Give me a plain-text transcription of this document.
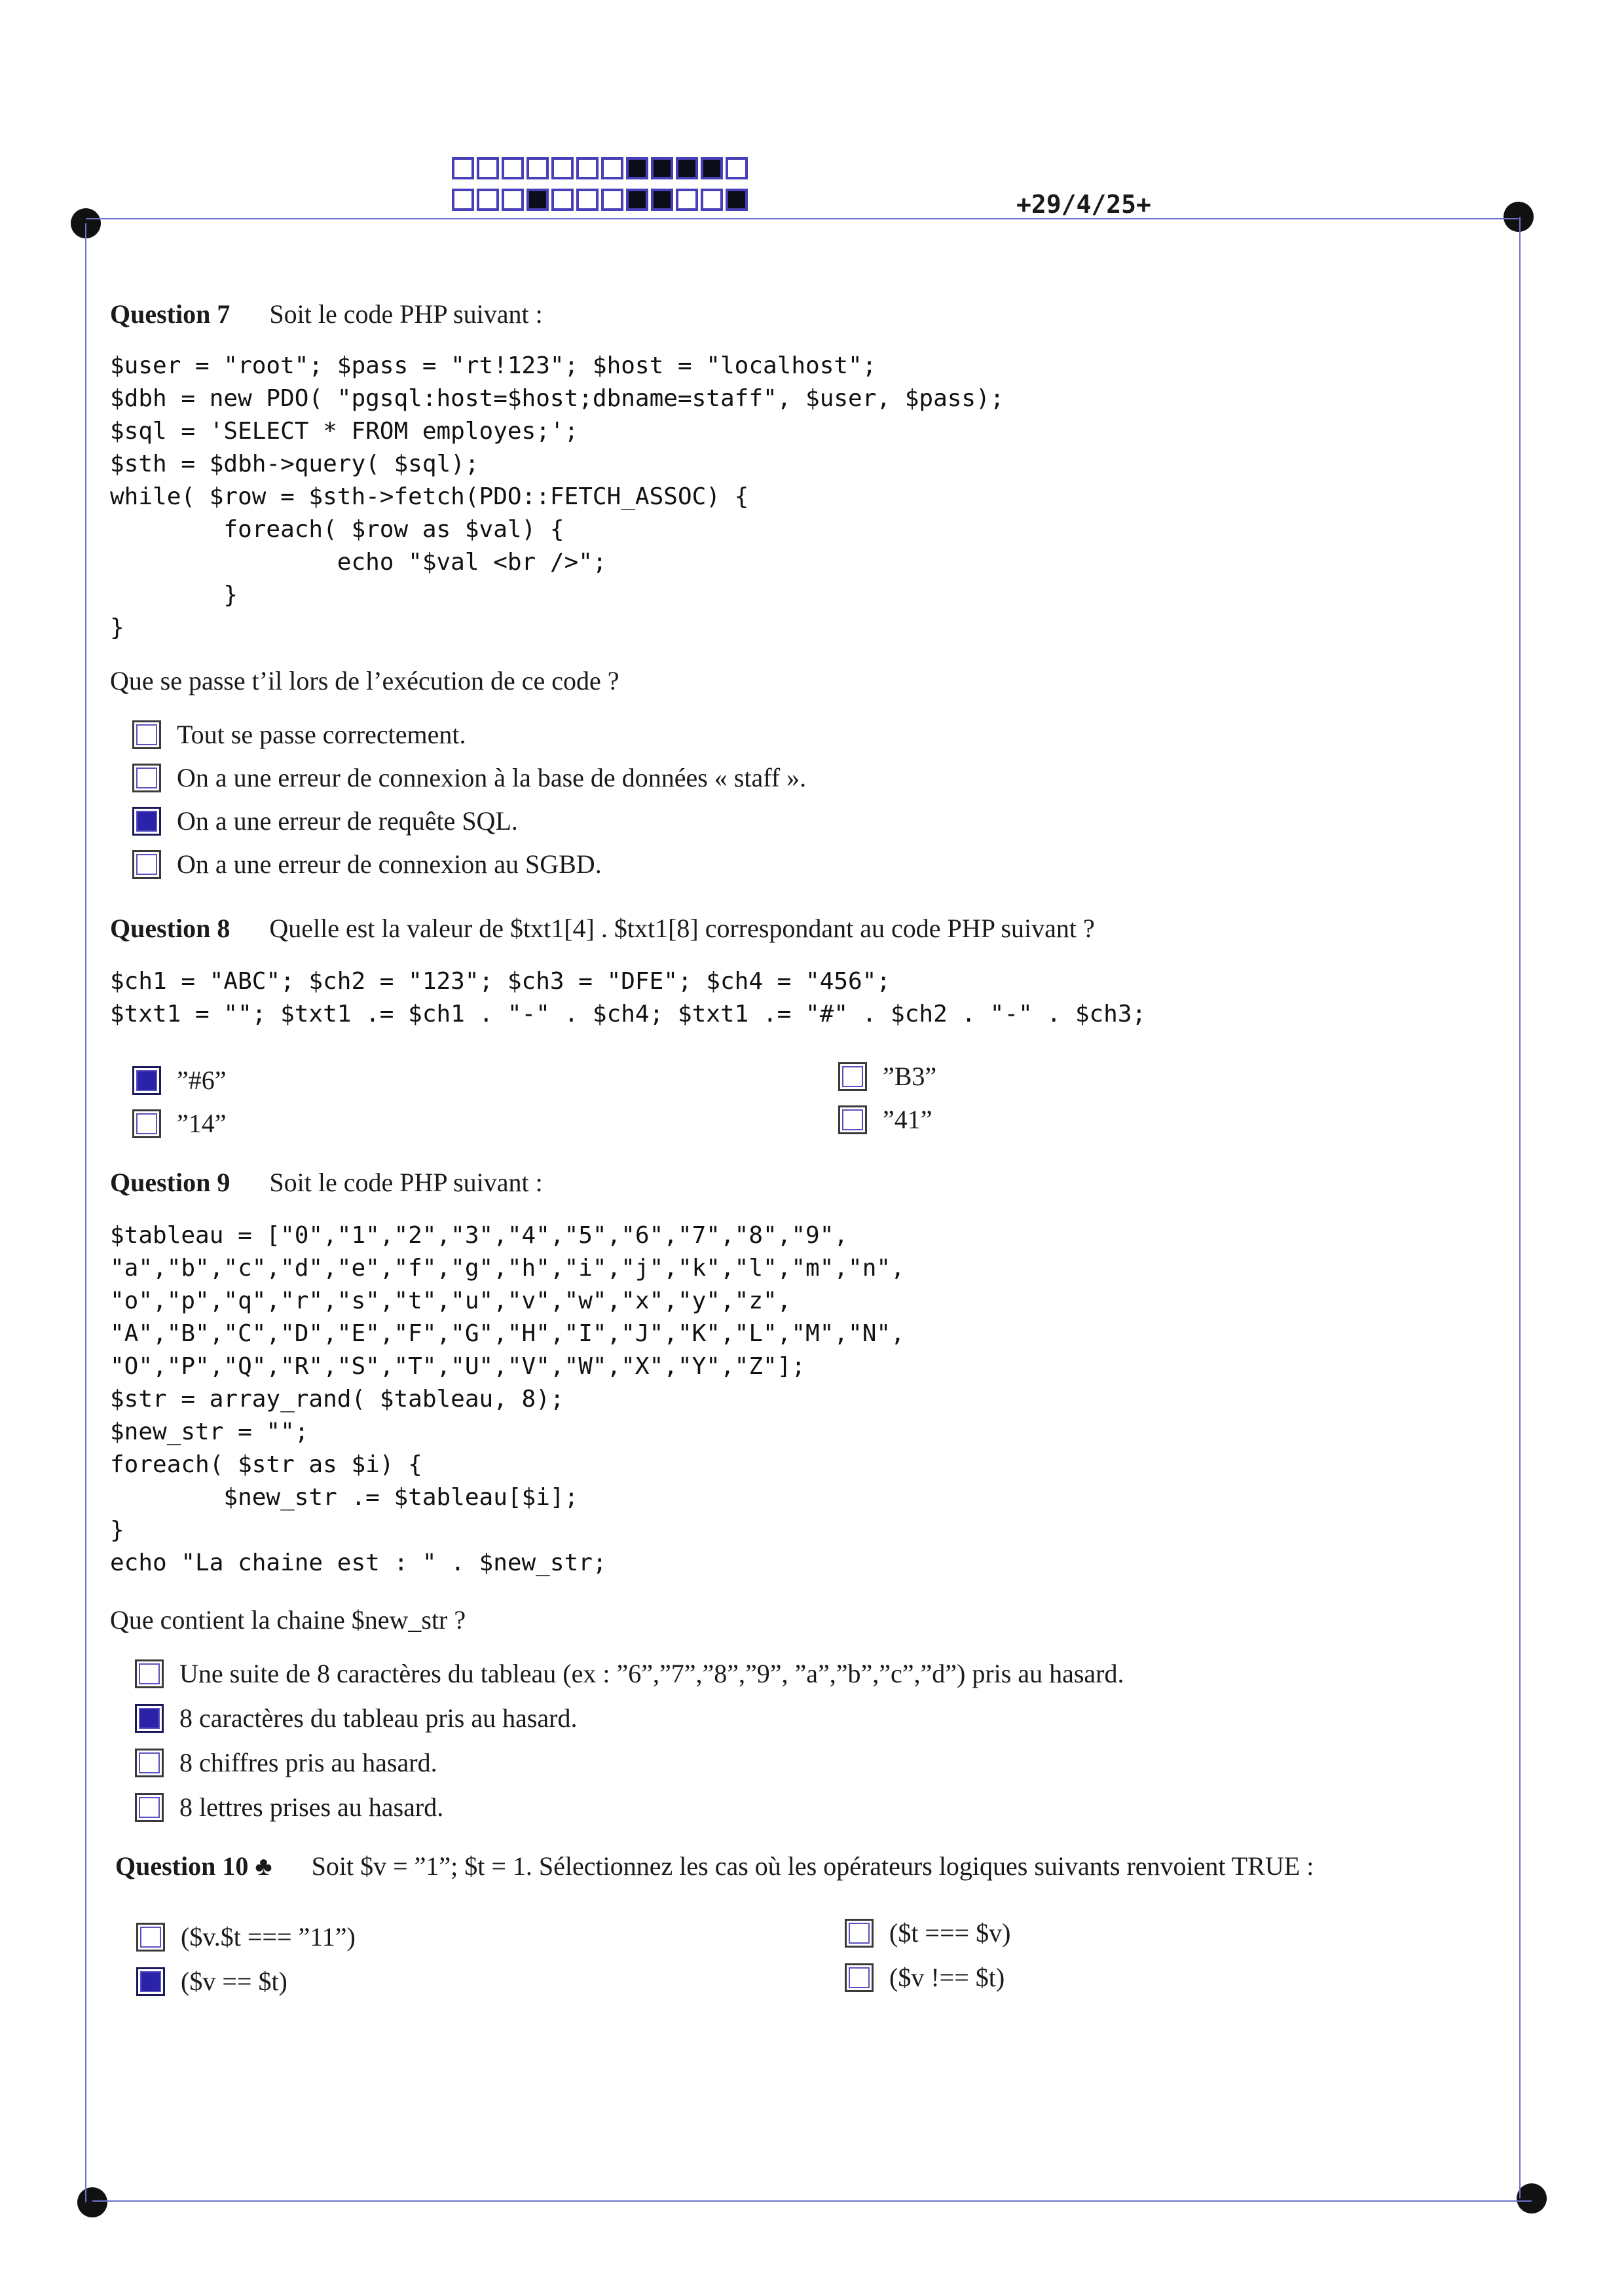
+29/4/25+
Question 7 Soit le code PHP suivant :
$user = "root"; $pass = "rt!123"; $host = "localhost";
$dbh = new PDO( "pgsql:host=$host;dbname=staff", $user, $pass);
$sql = 'SELECT * FROM employes;';
$sth = $dbh->query( $sql);
while( $row = $sth->fetch(PDO::FETCH_ASSOC) {
foreach( $row as $val) {
echo "$val <br />";
}
}
Que se passe t’il lors de l’exécution de ce code ?
Tout se passe correctement.
On a une erreur de connexion à la base de données « staff ».
On a une erreur de requête SQL.
On a une erreur de connexion au SGBD.
Question 8 Quelle est la valeur de $txt1[4] . $txt1[8] correspondant au code PHP suivant ?
$ch1 = "ABC"; $ch2 = "123"; $ch3 = "DFE"; $ch4 = "456";
$txt1 = ""; $txt1 .= $ch1 . "-" . $ch4; $txt1 .= "#" . $ch2 . "-" . $ch3;
”#6”	”B3”
”14”	”41”
Question 9 Soit le code PHP suivant :
$tableau = ["0","1","2","3","4","5","6","7","8","9",
"a","b","c","d","e","f","g","h","i","j","k","l","m","n",
"o","p","q","r","s","t","u","v","w","x","y","z",
"A","B","C","D","E","F","G","H","I","J","K","L","M","N",
"O","P","Q","R","S","T","U","V","W","X","Y","Z"];
$str = array_rand( $tableau, 8);
$new_str = "";
foreach( $str as $i) {
$new_str .= $tableau[$i];
}
echo "La chaine est : " . $new_str;
Que contient la chaine $new_str ?
Une suite de 8 caractères du tableau (ex : ”6”,”7”,”8”,”9”, ”a”,”b”,”c”,”d”) pris au hasard.
8 caractères du tableau pris au hasard.
8 chiffres pris au hasard.
8 lettres prises au hasard.
Question 10 ♣ Soit $v = ”1”; $t = 1. Sélectionnez les cas où les opérateurs logiques suivants renvoient TRUE :
($v.$t === ”11”)	($t === $v)
($v == $t)	($v !== $t)
